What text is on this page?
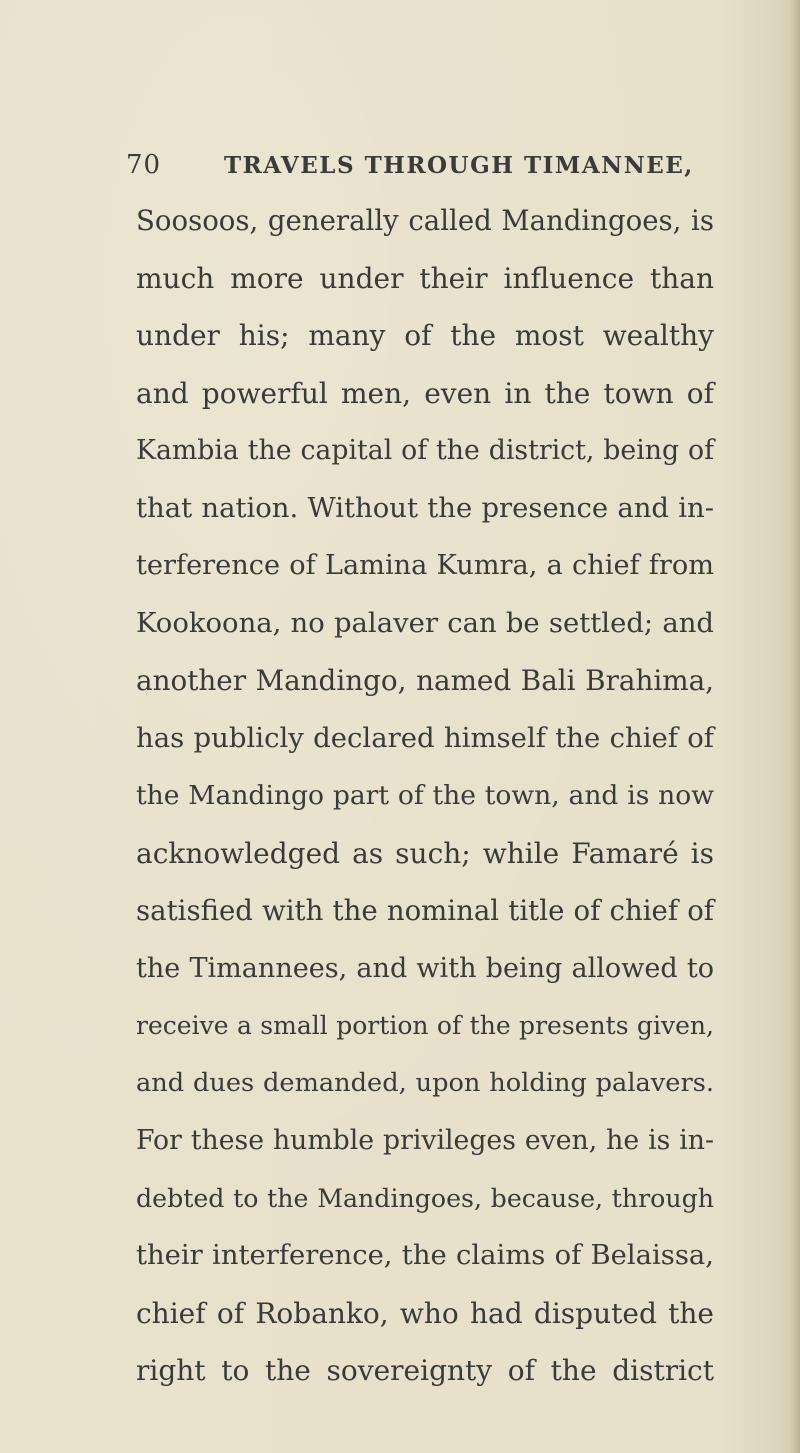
70	TRAVELS THROUGH TIMANNEE,
Soosoos, generally called Mandingoes, is
much more under their influence than
under his; many of the most wealthy
and powerful men, even in the town of
Kambia the capital of the district, being of
that nation. Without the presence and in-
terference of Lamina Kumra, a chief from
Kookoona, no palaver can be settled; and
another Mandingo, named Bali Brahima,
has publicly declared himself the chief of
the Mandingo part of the town, and is now
acknowledged as such; while Famaré is
satisfied with the nominal title of chief of
the Timannees, and with being allowed to
receive a small portion of the presents given,
and dues demanded, upon holding palavers.
For these humble privileges even, he is in-
debted to the Mandingoes, because, through
their interference, the claims of Belaissa,
chief of Robanko, who had disputed the
right to the sovereignty of the district
